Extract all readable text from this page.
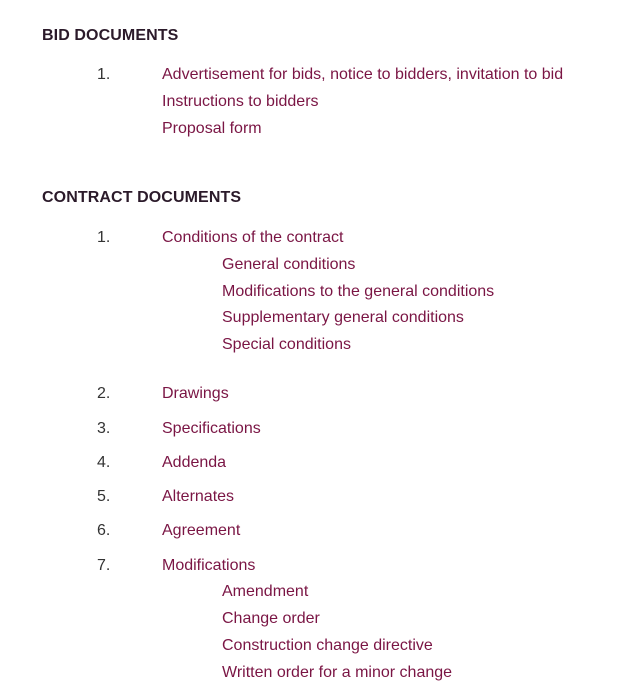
BID DOCUMENTS
1.	Advertisement for bids, notice to bidders, invitation to bid
Instructions to bidders
Proposal form
CONTRACT DOCUMENTS
1.	Conditions of the contract
General conditions
Modifications to the general conditions
Supplementary general conditions
Special conditions
2.	Drawings
3.	Specifications
4.	Addenda
5.	Alternates
6.	Agreement
7.	Modifications
Amendment
Change order
Construction change directive
Written order for a minor change
